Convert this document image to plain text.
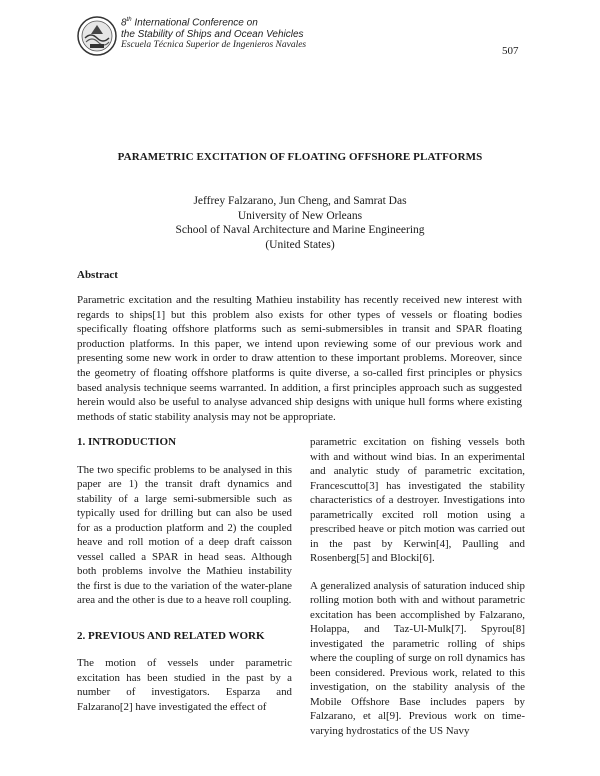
8th International Conference on
the Stability of Ships and Ocean Vehicles
Escuela Técnica Superior de Ingenieros Navales	507
PARAMETRIC EXCITATION OF FLOATING OFFSHORE PLATFORMS
Jeffrey Falzarano, Jun Cheng, and Samrat Das
University of New Orleans
School of Naval Architecture and Marine Engineering
(United States)
Abstract
Parametric excitation and the resulting Mathieu instability has recently received new interest with regards to ships[1] but this problem also exists for other types of vessels or floating bodies specifically floating offshore platforms such as semi-submersibles in transit and SPAR floating production platforms. In this paper, we intend upon reviewing some of our previous work and presenting some new work in order to draw attention to these important problems. Moreover, since the geometry of floating offshore platforms is quite diverse, a so-called first principles or physics based analysis technique seems warranted. In addition, a first principles approach such as suggested herein would also be useful to analyse advanced ship designs with unique hull forms where existing methods of static stability analysis may not be appropriate.

1. INTRODUCTION

The two specific problems to be analysed in this paper are 1) the transit draft dynamics and stability of a large semi-submersible such as typically used for drilling but can also be used for as a production platform and 2) the coupled heave and roll motion of a deep draft caisson vessel called a SPAR in head seas. Although both problems involve the Mathieu instability the first is due to the variation of the water-plane area and the other is due to a heave roll coupling.

2. PREVIOUS AND RELATED WORK

The motion of vessels under parametric excitation has been studied in the past by a number of investigators. Esparza and Falzarano[2] have investigated the effect of

parametric excitation on fishing vessels both with and without wind bias. In an experimental and analytic study of parametric excitation, Francescutto[3] has investigated the stability characteristics of a destroyer. Investigations into parametrically excited roll motion using a prescribed heave or pitch motion was carried out in the past by Kerwin[4], Paulling and Rosenberg[5] and Blocki[6].

A generalized analysis of saturation induced ship rolling motion both with and without parametric excitation has been accomplished by Falzarano, Holappa, and Taz-Ul-Mulk[7]. Spyrou[8] investigated the parametric rolling of ships where the coupling of surge on roll dynamics has been considered. Previous work, related to this investigation, on the stability analysis of the Mobile Offshore Base includes papers by Falzarano, et al[9]. Previous work on time-varying hydrostatics of the US Navy
